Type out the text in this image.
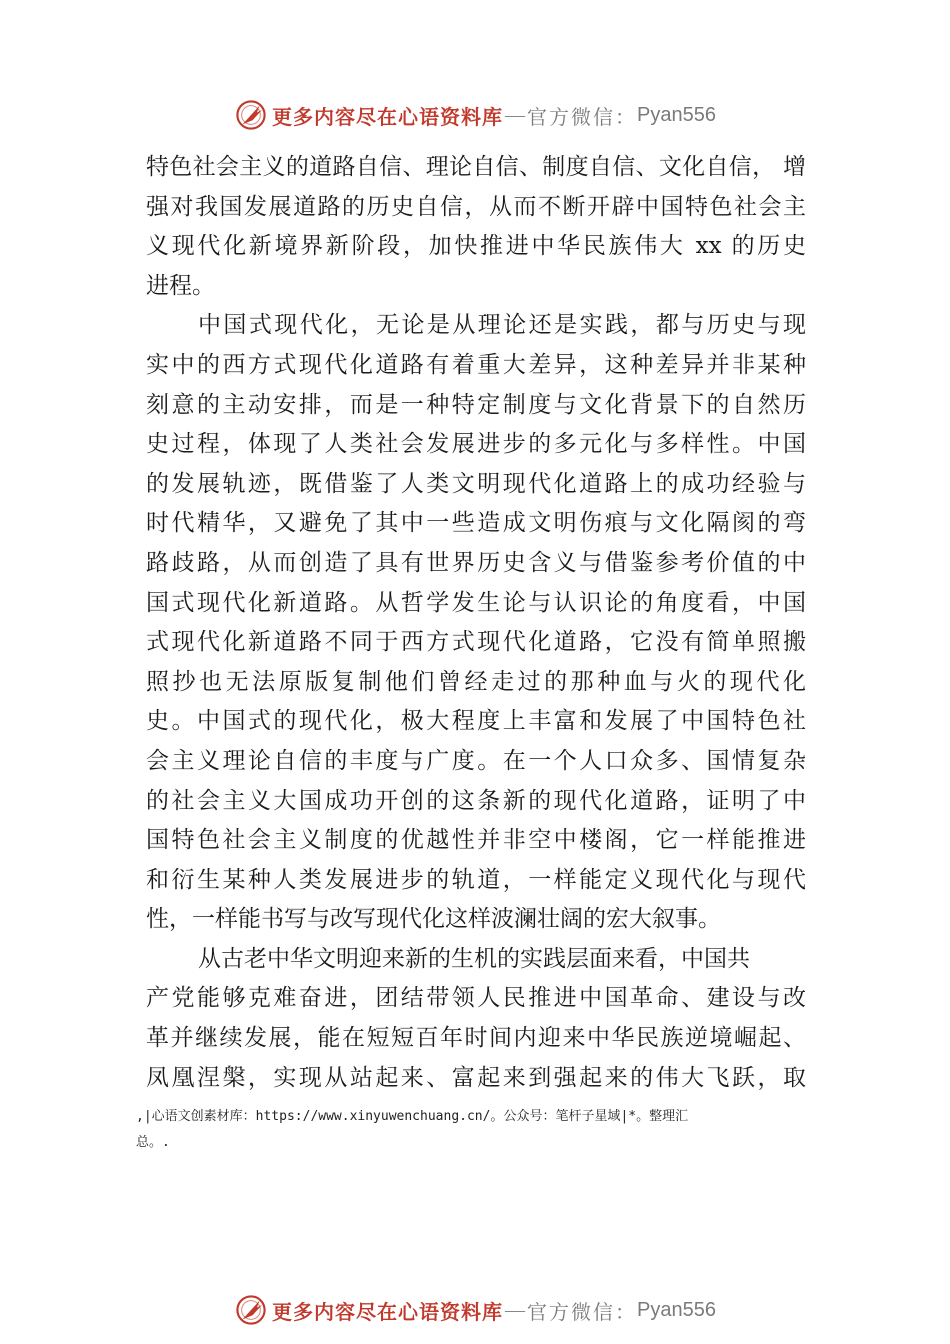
更多内容尽在心语资料库 — 官方微信： Pyan556
特色社会主义的道路自信、理论自信、制度自信、文化自信， 增
强对我国发展道路的历史自信，从而不断开辟中国特色社会主
义现代化新境界新阶段，加快推进中华民族伟大 xx 的历史
进程。
中国式现代化，无论是从理论还是实践，都与历史与现
实中的西方式现代化道路有着重大差异，这种差异并非某种
刻意的主动安排，而是一种特定制度与文化背景下的自然历
史过程，体现了人类社会发展进步的多元化与多样性。中国
的发展轨迹，既借鉴了人类文明现代化道路上的成功经验与
时代精华，又避免了其中一些造成文明伤痕与文化隔阂的弯
路歧路，从而创造了具有世界历史含义与借鉴参考价值的中
国式现代化新道路。从哲学发生论与认识论的角度看，中国
式现代化新道路不同于西方式现代化道路，它没有简单照搬
照抄也无法原版复制他们曾经走过的那种血与火的现代化
史。中国式的现代化，极大程度上丰富和发展了中国特色社
会主义理论自信的丰度与广度。在一个人口众多、国情复杂
的社会主义大国成功开创的这条新的现代化道路，证明了中
国特色社会主义制度的优越性并非空中楼阁，它一样能推进
和衍生某种人类发展进步的轨道，一样能定义现代化与现代
性，一样能书写与改写现代化这样波澜壮阔的宏大叙事。
从古老中华文明迎来新的生机的实践层面来看，中国共
产党能够克难奋进，团结带领人民推进中国革命、建设与改
革并继续发展，能在短短百年时间内迎来中华民族逆境崛起、
凤凰涅槃，实现从站起来、富起来到强起来的伟大飞跃，取
,|心语文创素材库：https://www.xinyuwenchuang.cn/。公众号：笔杆子星域|*。整理汇
总。.
更多内容尽在心语资料库 — 官方微信： Pyan556
